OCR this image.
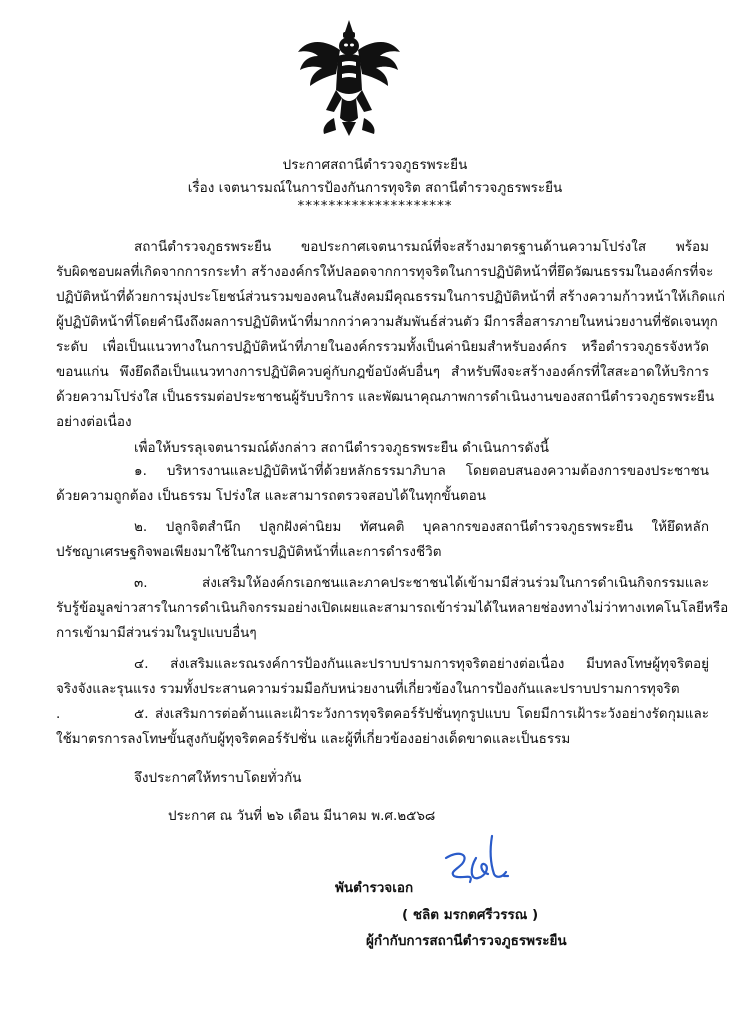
ประกาศสถานีตำรวจภูธรพระยืน
เรื่อง เจตนารมณ์ในการป้องกันการทุจริต สถานีตำรวจภูธรพระยืน
********************
สถานีตำรวจภูธรพระยืน ขอประกาศเจตนารมณ์ที่จะสร้างมาตรฐานด้านความโปร่งใส พร้อม
รับผิดชอบผลที่เกิดจากการกระทำ สร้างองค์กรให้ปลอดจากการทุจริตในการปฏิบัติหน้าที่ยึดวัฒนธรรมในองค์กรที่จะ
ปฏิบัติหน้าที่ด้วยการมุ่งประโยชน์ส่วนรวมของคนในสังคมมีคุณธรรมในการปฏิบัติหน้าที่ สร้างความก้าวหน้าให้เกิดแก่
ผู้ปฏิบัติหน้าที่โดยคำนึงถึงผลการปฏิบัติหน้าที่มากกว่าความสัมพันธ์ส่วนตัว มีการสื่อสารภายในหน่วยงานที่ชัดเจนทุก
ระดับ เพื่อเป็นแนวทางในการปฏิบัติหน้าที่ภายในองค์กรรวมทั้งเป็นค่านิยมสำหรับองค์กร หรือตำรวจภูธรจังหวัด
ขอนแก่น พึงยึดถือเป็นแนวทางการปฏิบัติควบคู่กับกฎข้อบังคับอื่นๆ สำหรับพึงจะสร้างองค์กรที่ใสสะอาดให้บริการ
ด้วยความโปร่งใส เป็นธรรมต่อประชาชนผู้รับบริการ และพัฒนาคุณภาพการดำเนินงานของสถานีตำรวจภูธรพระยืน
อย่างต่อเนื่อง
เพื่อให้บรรลุเจตนารมณ์ดังกล่าว สถานีตำรวจภูธรพระยืน ดำเนินการดังนี้
๑. บริหารงานและปฏิบัติหน้าที่ด้วยหลักธรรมาภิบาล โดยตอบสนองความต้องการของประชาชน
ด้วยความถูกต้อง เป็นธรรม โปร่งใส และสามารถตรวจสอบได้ในทุกขั้นตอน
๒. ปลูกจิตสำนึก ปลูกฝังค่านิยม ทัศนคติ บุคลากรของสถานีตำรวจภูธรพระยืน ให้ยึดหลัก
ปรัชญาเศรษฐกิจพอเพียงมาใช้ในการปฏิบัติหน้าที่และการดำรงชีวิต
๓. ส่งเสริมให้องค์กรเอกชนและภาคประชาชนได้เข้ามามีส่วนร่วมในการดำเนินกิจกรรมและ
รับรู้ข้อมูลข่าวสารในการดำเนินกิจกรรมอย่างเปิดเผยและสามารถเข้าร่วมได้ในหลายช่องทางไม่ว่าทางเทคโนโลยีหรือ
การเข้ามามีส่วนร่วมในรูปแบบอื่นๆ
๔. ส่งเสริมและรณรงค์การป้องกันและปราบปรามการทุจริตอย่างต่อเนื่อง มีบทลงโทษผู้ทุจริตอยู่
จริงจังและรุนแรง รวมทั้งประสานความร่วมมือกับหน่วยงานที่เกี่ยวข้องในการป้องกันและปราบปรามการทุจริต
.	๕. ส่งเสริมการต่อต้านและเฝ้าระวังการทุจริตคอร์รัปชั่นทุกรูปแบบ โดยมีการเฝ้าระวังอย่างรัดกุมและ
ใช้มาตรการลงโทษขั้นสูงกับผู้ทุจริตคอร์รัปชั่น และผู้ที่เกี่ยวข้องอย่างเด็ดขาดและเป็นธรรม
จึงประกาศให้ทราบโดยทั่วกัน
ประกาศ ณ วันที่ ๒๖ เดือน มีนาคม พ.ศ.๒๕๖๘
พันตำรวจเอก
( ชลิต มรกตศรีวรรณ )
ผู้กำกับการสถานีตำรวจภูธรพระยืน
